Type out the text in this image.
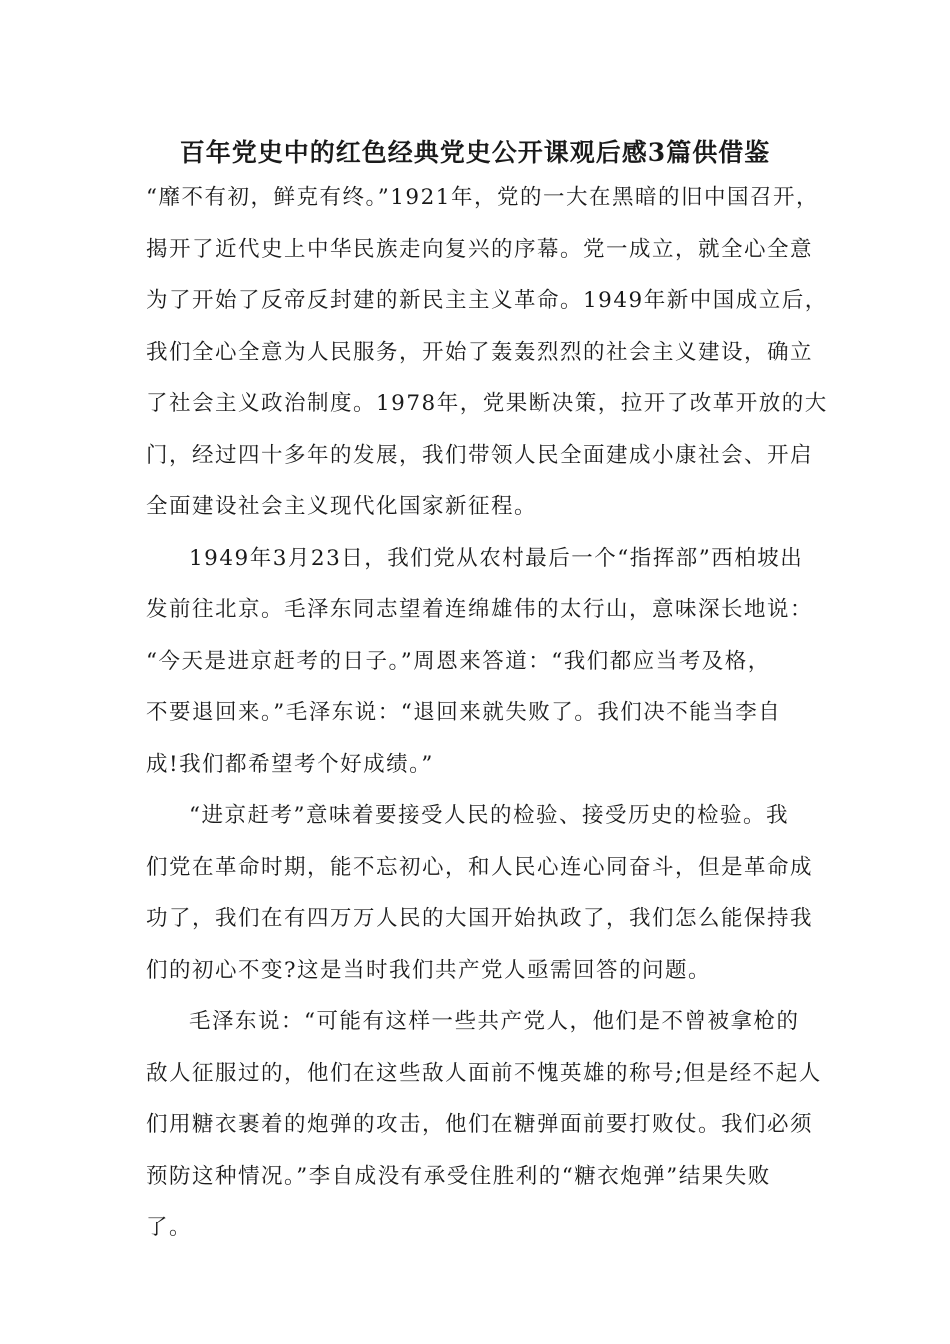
百年党史中的红色经典党史公开课观后感3篇供借鉴

“靡不有初，鲜克有终。”1921年，党的一大在黑暗的旧中国召开，
揭开了近代史上中华民族走向复兴的序幕。党一成立，就全心全意
为了开始了反帝反封建的新民主主义革命。1949年新中国成立后，
我们全心全意为人民服务，开始了轰轰烈烈的社会主义建设，确立
了社会主义政治制度。1978年，党果断决策，拉开了改革开放的大
门，经过四十多年的发展，我们带领人民全面建成小康社会、开启
全面建设社会主义现代化国家新征程。

1949年3月23日，我们党从农村最后一个“指挥部”西柏坡出
发前往北京。毛泽东同志望着连绵雄伟的太行山，意味深长地说：
“今天是进京赶考的日子。”周恩来答道：“我们都应当考及格，
不要退回来。”毛泽东说：“退回来就失败了。我们决不能当李自
成!我们都希望考个好成绩。”

“进京赶考”意味着要接受人民的检验、接受历史的检验。我
们党在革命时期，能不忘初心，和人民心连心同奋斗，但是革命成
功了，我们在有四万万人民的大国开始执政了，我们怎么能保持我
们的初心不变?这是当时我们共产党人亟需回答的问题。

毛泽东说：“可能有这样一些共产党人，他们是不曾被拿枪的
敌人征服过的，他们在这些敌人面前不愧英雄的称号;但是经不起人
们用糖衣裹着的炮弹的攻击，他们在糖弹面前要打败仗。我们必须
预防这种情况。”李自成没有承受住胜利的“糖衣炮弹”结果失败
了。
